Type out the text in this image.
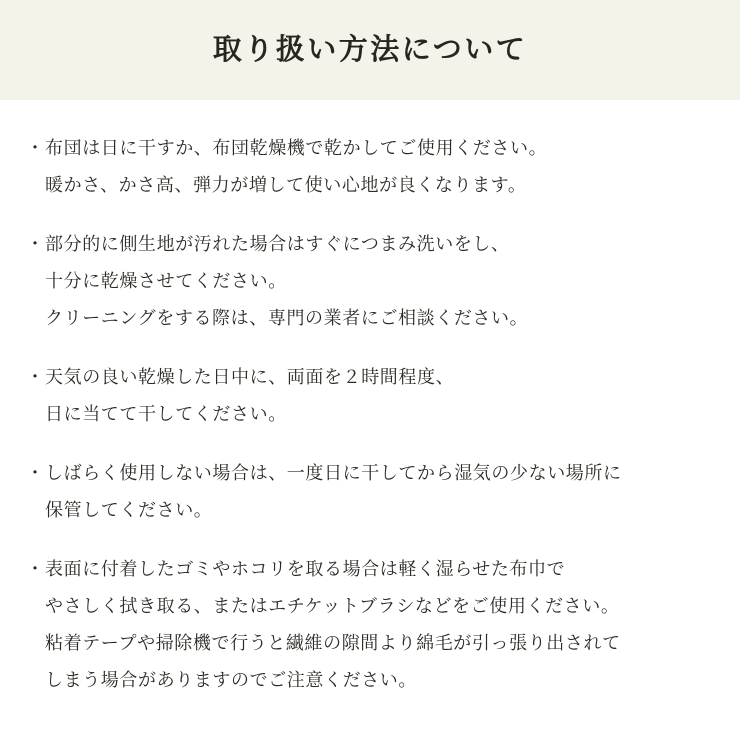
取り扱い方法について
・ 布団は日に干すか、布団乾燥機で乾かしてご使用ください。
暖かさ、かさ高、弾力が増して使い心地が良くなります。
・ 部分的に側生地が汚れた場合はすぐにつまみ洗いをし、
十分に乾燥させてください。
クリーニングをする際は、専門の業者にご相談ください。
・ 天気の良い乾燥した日中に、両面を２時間程度、
日に当てて干してください。
・ しばらく使用しない場合は、一度日に干してから湿気の少ない場所に
保管してください。
・ 表面に付着したゴミやホコリを取る場合は軽く湿らせた布巾で
やさしく拭き取る、またはエチケットブラシなどをご使用ください。
粘着テープや掃除機で行うと繊維の隙間より綿毛が引っ張り出されて
しまう場合がありますのでご注意ください。
